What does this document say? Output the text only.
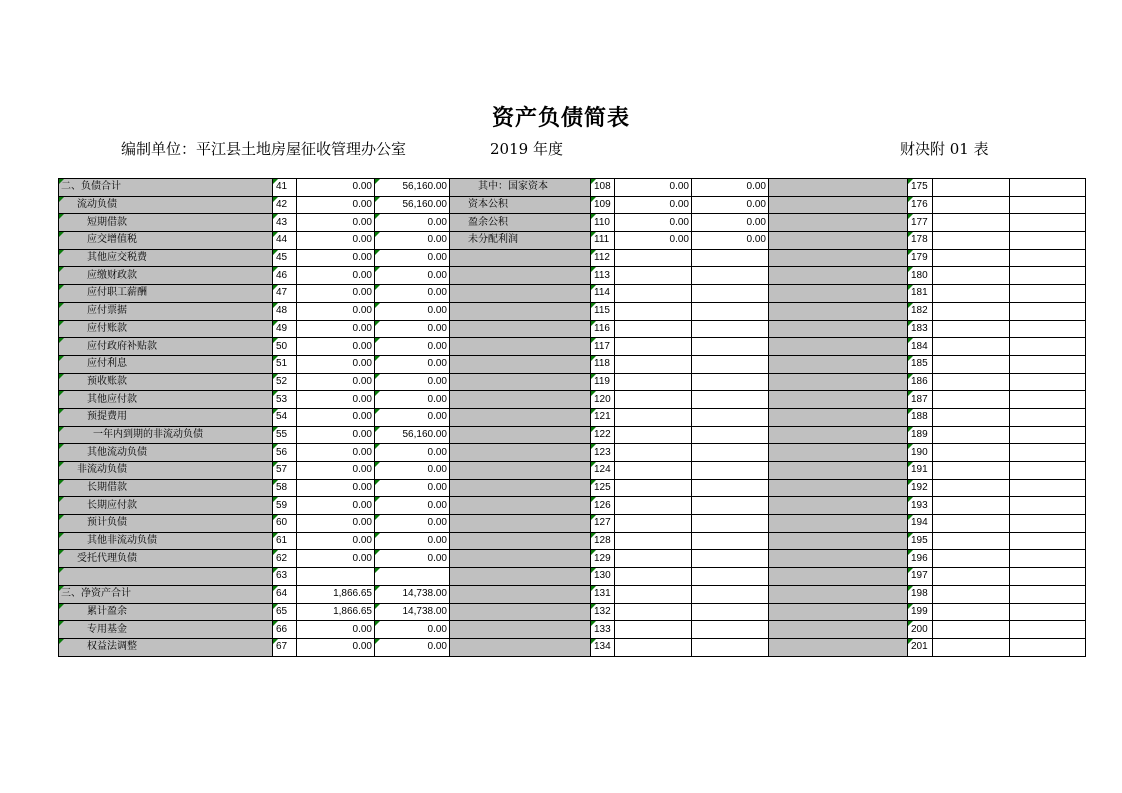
资产负债简表
编制单位：平江县土地房屋征收管理办公室	2019 年度	财决附 01 表
二、负债合计	41	0.00	56,160.00	其中：国家资本	108	0.00	0.00		175		
流动负债	42	0.00	56,160.00	资本公积	109	0.00	0.00		176		
短期借款	43	0.00	0.00	盈余公积	110	0.00	0.00		177		
应交增值税	44	0.00	0.00	未分配利润	111	0.00	0.00		178		
其他应交税费	45	0.00	0.00		112				179		
应缴财政款	46	0.00	0.00		113				180		
应付职工薪酬	47	0.00	0.00		114				181		
应付票据	48	0.00	0.00		115				182		
应付账款	49	0.00	0.00		116				183		
应付政府补贴款	50	0.00	0.00		117				184		
应付利息	51	0.00	0.00		118				185		
预收账款	52	0.00	0.00		119				186		
其他应付款	53	0.00	0.00		120				187		
预提费用	54	0.00	0.00		121				188		
一年内到期的非流动负债	55	0.00	56,160.00		122				189		
其他流动负债	56	0.00	0.00		123				190		
非流动负债	57	0.00	0.00		124				191		
长期借款	58	0.00	0.00		125				192		
长期应付款	59	0.00	0.00		126				193		
预计负债	60	0.00	0.00		127				194		
其他非流动负债	61	0.00	0.00		128				195		
受托代理负债	62	0.00	0.00		129				196		
	63				130				197		
三、净资产合计	64	1,866.65	14,738.00		131				198		
累计盈余	65	1,866.65	14,738.00		132				199		
专用基金	66	0.00	0.00		133				200		
权益法调整	67	0.00	0.00		134				201		
